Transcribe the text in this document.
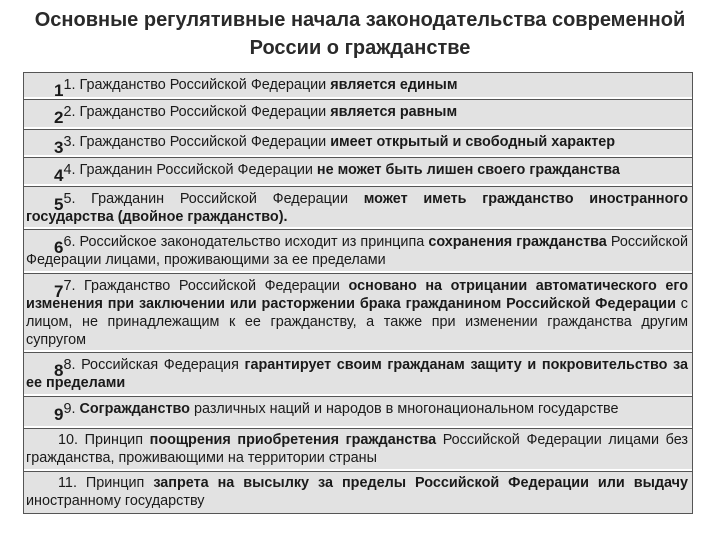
Основные регулятивные начала законодательства современной
России о гражданстве
11. Гражданство Российской Федерации является единым
22. Гражданство Российской Федерации является равным
33. Гражданство Российской Федерации имеет открытый и свободный характер
44. Гражданин Российской Федерации не может быть лишен своего гражданства
55. Гражданин Российской Федерации может иметь гражданство иностранного государства (двойное гражданство).
66. Российское законодательство исходит из принципа сохранения гражданства Российской Федерации лицами, проживающими за ее пределами
77. Гражданство Российской Федерации основано на отрицании автоматического его изменения при заключении или расторжении брака гражданином Российской Федерации с лицом, не принадлежащим к ее гражданству, а также при изменении гражданства другим супругом
88. Российская Федерация гарантирует своим гражданам защиту и покровительство за ее пределами
99. Согражданство различных наций и народов в многонациональном государстве
10. Принцип поощрения приобретения гражданства Российской Федерации лицами без гражданства, проживающими на территории страны
11. Принцип запрета на высылку за пределы Российской Федерации или выдачу иностранному государству
